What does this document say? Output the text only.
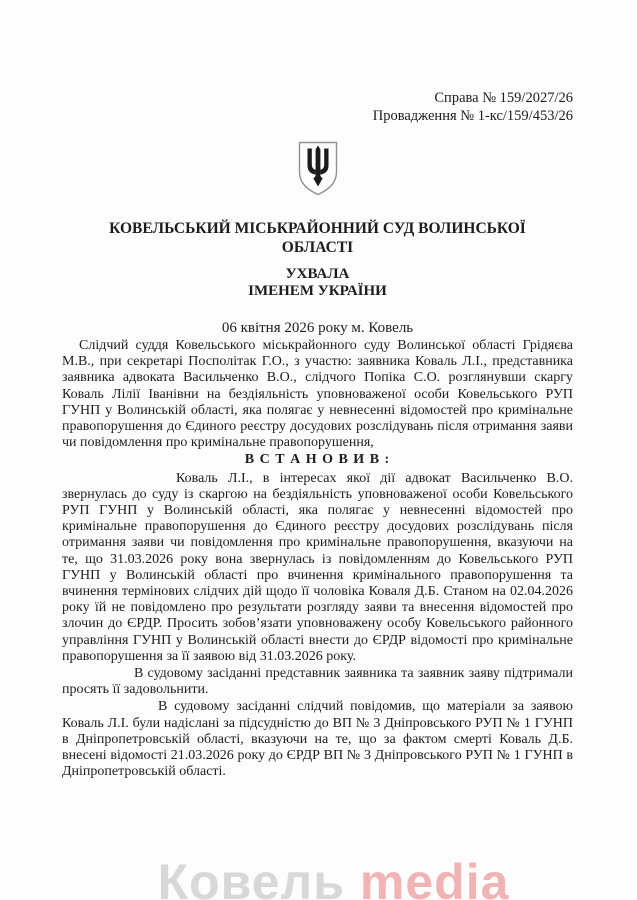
Справа № 159/2027/26
Провадження № 1-кс/159/453/26
КОВЕЛЬСЬКИЙ МІСЬКРАЙОННИЙ СУД ВОЛИНСЬКОЇ ОБЛАСТІ
УХВАЛА
ІМЕНЕМ УКРАЇНИ
06 квітня 2026 року м. Ковель

Слідчий суддя Ковельського міськрайонного суду Волинської області Грідяєва М.В., при секретарі Посполітак Г.О., з участю: заявника Коваль Л.І., представника заявника адвоката Васильченко В.О., слідчого Попіка С.О. розглянувши скаргу Коваль Лілії Іванівни на бездіяльність уповноваженої особи Ковельського РУП ГУНП у Волинській області, яка полягає у невнесенні відомостей про кримінальне правопорушення до Єдиного реєстру досудових розслідувань після отримання заяви чи повідомлення про кримінальне правопорушення,

В С Т А Н О В И В :

Коваль Л.І., в інтересах якої дії адвокат Васильченко В.О. звернулась до суду із скаргою на бездіяльність уповноваженої особи Ковельського РУП ГУНП у Волинській області, яка полягає у невнесенні відомостей про кримінальне правопорушення до Єдиного реєстру досудових розслідувань після отримання заяви чи повідомлення про кримінальне правопорушення, вказуючи на те, що 31.03.2026 року вона звернулась із повідомленням до Ковельського РУП ГУНП у Волинській області про вчинення кримінального правопорушення та вчинення термінових слідчих дій щодо її чоловіка Коваля Д.Б. Станом на 02.04.2026 року їй не повідомлено про результати розгляду заяви та внесення відомостей про злочин до ЄРДР. Просить зобов’язати уповноважену особу Ковельського районного управління ГУНП у Волинській області внести до ЄРДР відомості про кримінальне правопорушення за її заявою від 31.03.2026 року.

В судовому засіданні представник заявника та заявник заяву підтримали просять її задовольнити.

В судовому засіданні слідчий повідомив, що матеріали за заявою Коваль Л.І. були надіслані за підсудністю до ВП № 3 Дніпровського РУП № 1 ГУНП в Дніпропетровській області, вказуючи на те, що за фактом смерті Коваль Д.Б. внесені відомості 21.03.2026 року до ЄРДР ВП № 3 Дніпровського РУП № 1 ГУНП в Дніпропетровській області.

Ковель media
